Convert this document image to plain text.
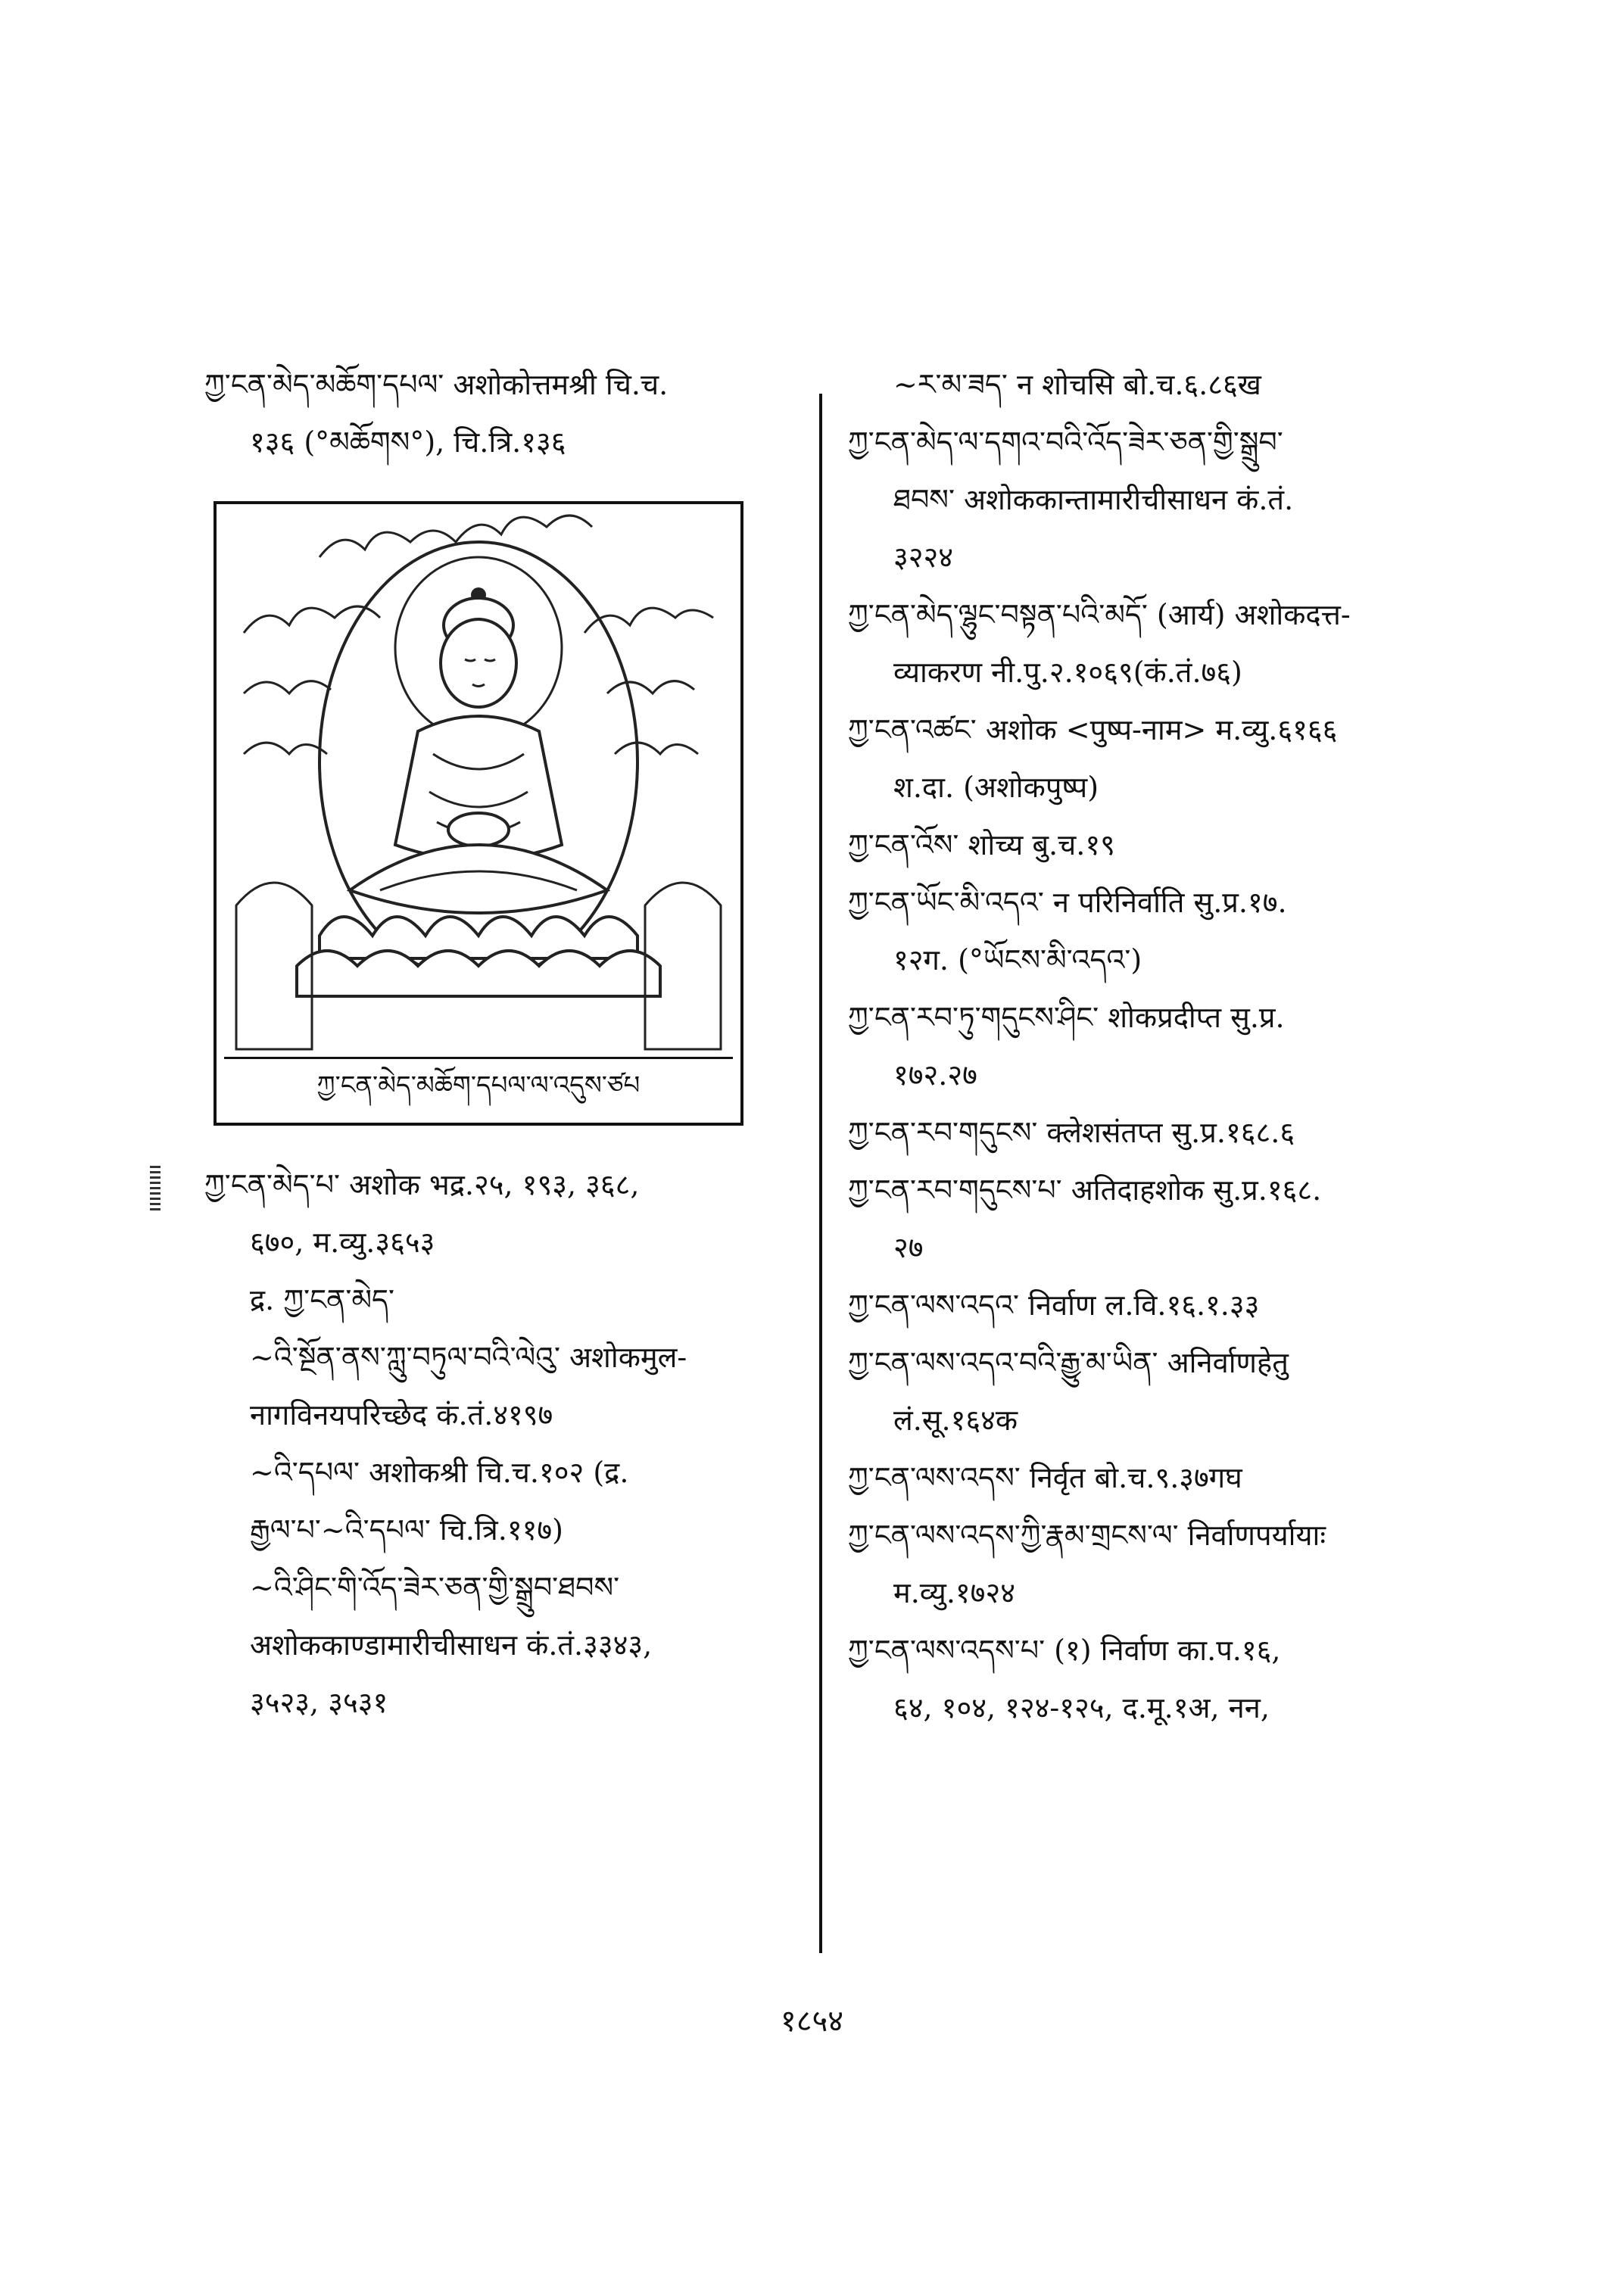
ཀྱ་ངན་མེད་མཆོག་དཔལ་ अशोकोत्तमश्री चि.च.
१३६ (°མཆོགས°), चि.त्रि.१३६
ཀྱ་ངན་མེད་མཆོག་དཔལ་ལ་འདུས་ཙཔ
ཀྱ་ངན་མེད་པ་ अशोक भद्र.२५, १९३, ३६८,
६७०, म.व्यु.३६५३
द्र. ཀྱ་ངན་མེད་
~འི་སྔོན་ནས་ཀླུ་བཏུལ་བའི་ལེའུ་ अशोकमुल-
नागविनयपरिच्छेद कं.तं.४१९७
~འི་དཔལ་ अशोकश्री चि.च.१०२ (द्र.
རྒྱལ་པ་~འི་དཔལ་ चि.त्रि.११७)
~འི་ཤིང་གི་འོད་ཟེར་ཅན་གྱི་སྒྲུབ་ཐབས་
अशोककाण्डामारीचीसाधन कं.तं.३३४३,
३५२३, ३५३१
~ར་མ་ཟད་ न शोचसि बो.च.६.८६ख
ཀྱ་ངན་མེད་ལ་དགའ་བའི་འོད་ཟེར་ཅན་གྱི་སྒྲུབ་
ཐབས་ अशोककान्तामारीचीसाधन कं.तं.
३२२४
ཀྱ་ངན་མེད་ལྷུང་བསྟན་པའི་མདོ་ (आर्य) अशोकदत्त-
व्याकरण नी.पु.२.१०६९(कं.तं.७६)
ཀྱ་ངན་འཚང་ अशोक <पुष्प-नाम> म.व्यु.६१६६
श.दा. (अशोकपुष्प)
ཀྱ་ངན་འོས་ शोच्य बु.च.१९
ཀྱ་ངན་ཡོང་མི་འདའ་ न परिनिर्वाति सु.प्र.१७.
१२ग. (°ཡོངས་མི་འདའ་)
ཀྱ་ངན་རབ་ཏུ་གདུངས་ཤིང་ शोकप्रदीप्त सु.प्र.
१७२.२७
ཀྱ་ངན་རབ་གདུངས་ क्लेशसंतप्त सु.प्र.१६८.६
ཀྱ་ངན་རབ་གདུངས་པ་ अतिदाहशोक सु.प्र.१६८.
२७
ཀྱ་ངན་ལས་འདའ་ निर्वाण ल.वि.१६.१.३३
ཀྱ་ངན་ལས་འདའ་བའི་རྒྱུ་མ་ཡིན་ अनिर्वाणहेतु
लं.सू.१६४क
ཀྱ་ངན་ལས་འདས་ निर्वृत बो.च.९.३७गघ
ཀྱ་ངན་ལས་འདས་ཀྱི་རྣམ་གྲངས་ལ་ निर्वाणपर्यायाः
म.व्यु.१७२४
ཀྱ་ངན་ལས་འདས་པ་ (१) निर्वाण का.प.१६,
६४, १०४, १२४-१२५, द.मू.१अ, नन,
१८५४
